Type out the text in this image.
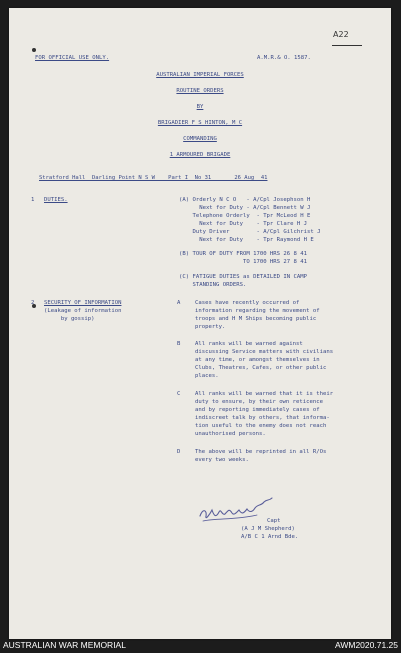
A22
FOR OFFICIAL USE ONLY.	A.M.R.& O. 1587.
AUSTRALIAN IMPERIAL FORCES
ROUTINE ORDERS
BY
BRIGADIER F S HINTON, M C
COMMANDING
1 ARMOURED BRIGADE
Stratford Hall  Darling Point N S W    Part I  No 31       26 Aug  41
1 DUTIES.	(A) Orderly N C O   - A/Cpl Josephson H
Next for Duty - A/Cpl Bennett W J
Telephone Orderly  - Tpr McLeod H E
Next for Duty    - Tpr Clare H J
Duty Driver        - A/Cpl Gilchrist J
Next for Duty    - Tpr Raymond H E
(B) TOUR OF DUTY FROM 1700 HRS 26 8 41
TO 1700 HRS 27 8 41
(C) FATIGUE DUTIES as DETAILED IN CAMP
STANDING ORDERS.
2 SECURITY OF INFORMATION
(Leakage of information
by gossip)
A	Cases have recently occurred of
information regarding the movement of
troops and H M Ships becoming public
property.
B	All ranks will be warned against
discussing Service matters with civilians
at any time, or amongst themselves in
Clubs, Theatres, Cafes, or other public
places.
C	All ranks will be warned that it is their
duty to ensure, by their own reticence
and by reporting immediately cases of
indiscreet talk by others, that informa-
tion useful to the enemy does not reach
unauthorised persons.
D	The above will be reprinted in all R/Os
every two weeks.
Capt
(A J M Shepherd)
A/B C 1 Arnd Bde.
AUSTRALIAN WAR MEMORIAL	AWM2020.71.25
